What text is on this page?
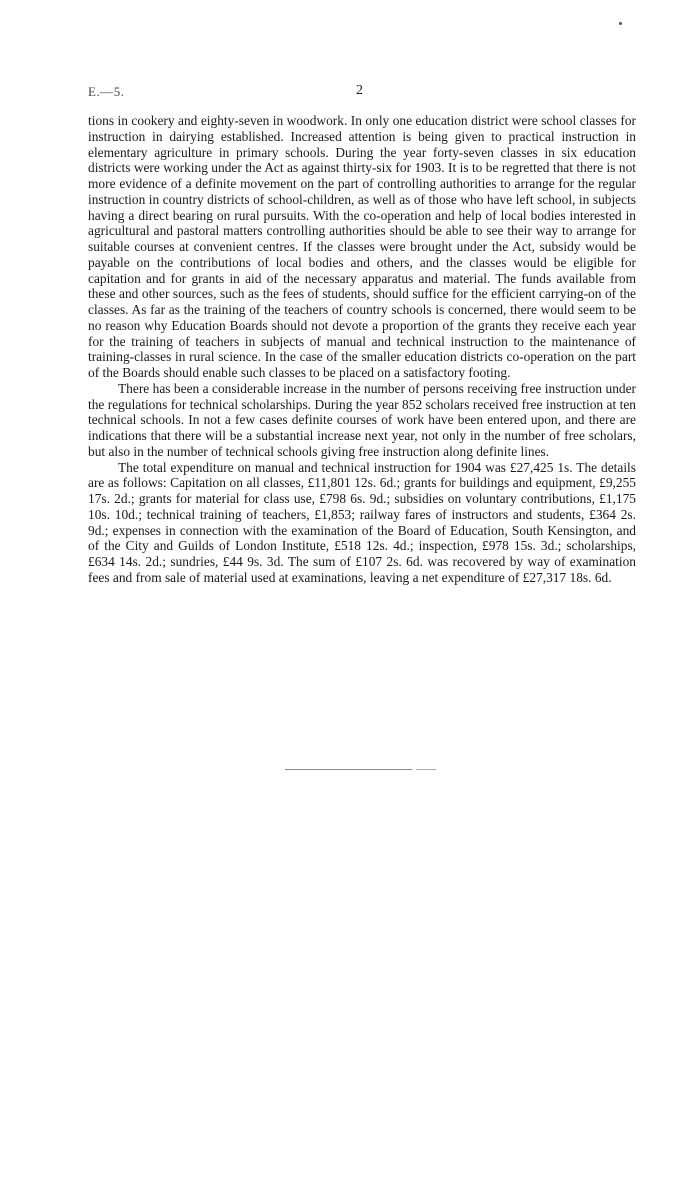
E.—5.	2

tions in cookery and eighty-seven in woodwork. In only one education district were school classes for instruction in dairying established. Increased attention is being given to practical instruction in elementary agriculture in primary schools. During the year forty-seven classes in six education districts were working under the Act as against thirty-six for 1903. It is to be regretted that there is not more evidence of a definite movement on the part of controlling authorities to arrange for the regular instruction in country districts of school-children, as well as of those who have left school, in subjects having a direct bearing on rural pursuits. With the co-operation and help of local bodies interested in agricultural and pastoral matters controlling authorities should be able to see their way to arrange for suitable courses at convenient centres. If the classes were brought under the Act, subsidy would be payable on the contributions of local bodies and others, and the classes would be eligible for capitation and for grants in aid of the necessary apparatus and material. The funds available from these and other sources, such as the fees of students, should suffice for the efficient carrying-on of the classes. As far as the training of the teachers of country schools is concerned, there would seem to be no reason why Education Boards should not devote a proportion of the grants they receive each year for the training of teachers in subjects of manual and technical instruction to the maintenance of training-classes in rural science. In the case of the smaller education districts co-operation on the part of the Boards should enable such classes to be placed on a satisfactory footing.

There has been a considerable increase in the number of persons receiving free instruction under the regulations for technical scholarships. During the year 852 scholars received free instruction at ten technical schools. In not a few cases definite courses of work have been entered upon, and there are indications that there will be a substantial increase next year, not only in the number of free scholars, but also in the number of technical schools giving free instruction along definite lines.

The total expenditure on manual and technical instruction for 1904 was £27,425 1s. The details are as follows: Capitation on all classes, £11,801 12s. 6d.; grants for buildings and equipment, £9,255 17s. 2d.; grants for material for class use, £798 6s. 9d.; subsidies on voluntary contributions, £1,175 10s. 10d.; technical training of teachers, £1,853; railway fares of instructors and students, £364 2s. 9d.; expenses in connection with the examination of the Board of Education, South Kensington, and of the City and Guilds of London Institute, £518 12s. 4d.; inspection, £978 15s. 3d.; scholarships, £634 14s. 2d.; sundries, £44 9s. 3d. The sum of £107 2s. 6d. was recovered by way of examination fees and from sale of material used at examinations, leaving a net expenditure of £27,317 18s. 6d.
